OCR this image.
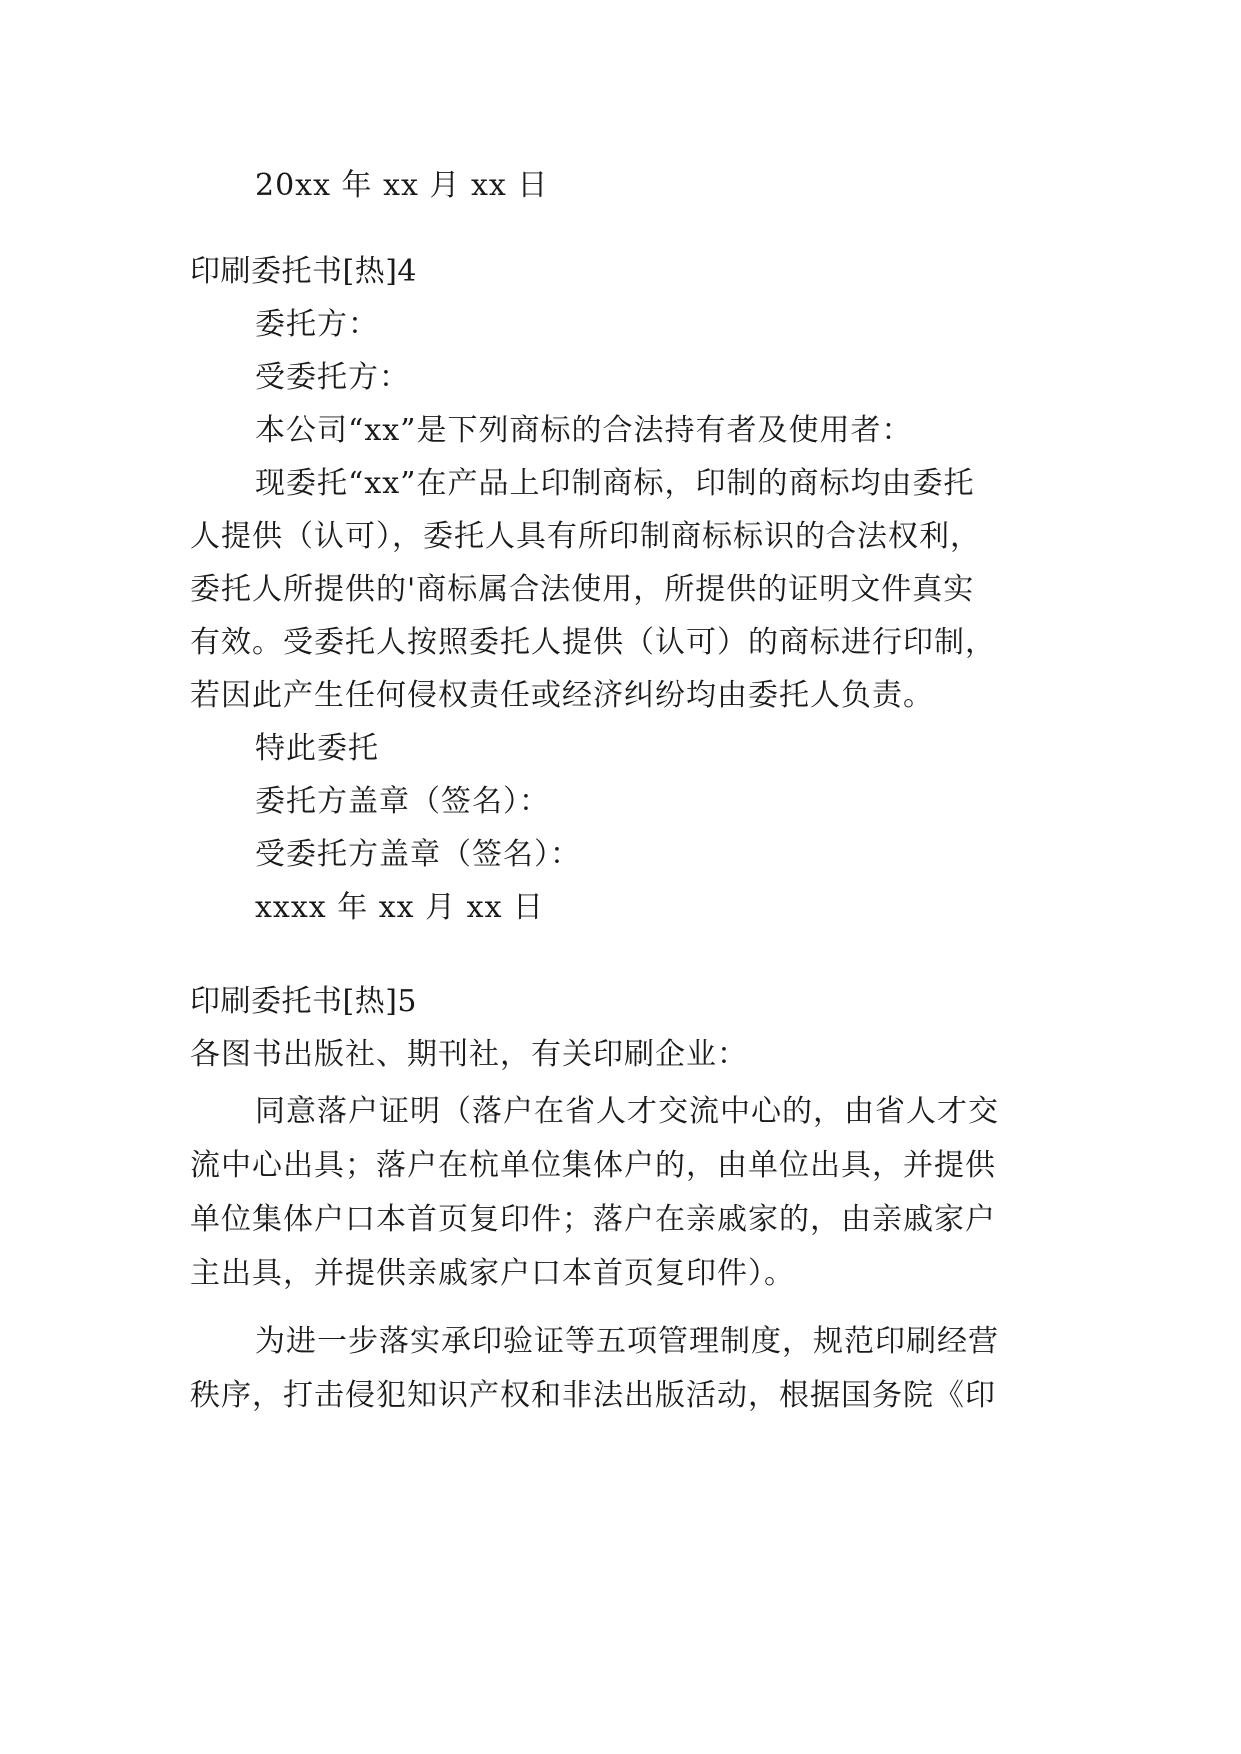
20xx 年 xx 月 xx 日
印刷委托书[热]4
委托方：
受委托方：
本公司“xx”是下列商标的合法持有者及使用者：
现委托“xx”在产品上印制商标，印制的商标均由委托
人提供（认可），委托人具有所印制商标标识的合法权利，
委托人所提供的'商标属合法使用，所提供的证明文件真实
有效。受委托人按照委托人提供（认可）的商标进行印制，
若因此产生任何侵权责任或经济纠纷均由委托人负责。
特此委托
委托方盖章（签名）：
受委托方盖章（签名）：
xxxx 年 xx 月 xx 日
印刷委托书[热]5
各图书出版社、期刊社，有关印刷企业：
同意落户证明（落户在省人才交流中心的，由省人才交
流中心出具；落户在杭单位集体户的，由单位出具，并提供
单位集体户口本首页复印件；落户在亲戚家的，由亲戚家户
主出具，并提供亲戚家户口本首页复印件）。
为进一步落实承印验证等五项管理制度，规范印刷经营
秩序，打击侵犯知识产权和非法出版活动，根据国务院《印
